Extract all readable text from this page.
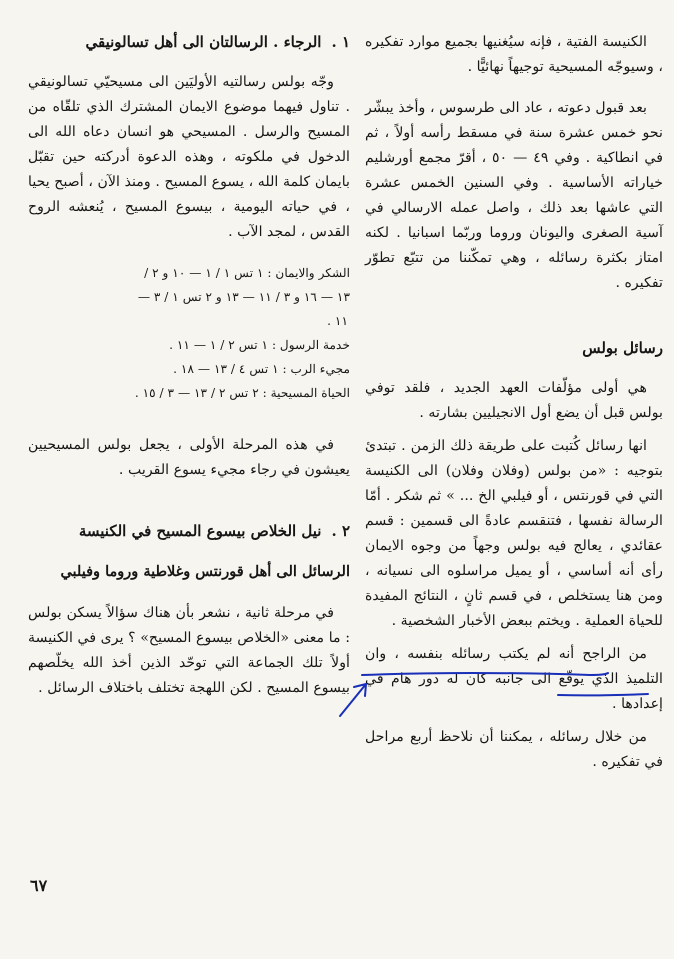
الكنيسة الفتية ، فإنه سيُغنيها بجميع موارد تفكيره ، وسيوجّه المسيحية توجيهاً نهائيًّا .

بعد قبول دعوته ، عاد الى طرسوس ، وأخذ يبشّر نحو خمس عشرة سنة في مسقط رأسه أولاً ، ثم في انطاكية . وفي ٤٩ — ٥٠ ، أقرّ مجمع أورشليم خياراته الأساسية . وفي السنين الخمس عشرة التي عاشها بعد ذلك ، واصل عمله الارسالي في آسية الصغرى واليونان وروما وربّما اسبانيا . لكنه امتاز بكثرة رسائله ، وهي تمكّننا من تتبّع تطوّر تفكيره .

رسائل بولس

هي أولى مؤلّفات العهد الجديد ، فلقد توفي بولس قبل أن يضع أول الانجيليين بشارته .

انها رسائل كُتبت على طريقة ذلك الزمن . تبتدئ بتوجيه : «من بولس (وفلان وفلان) الى الكنيسة التي في قورنتس ، أو فيلبي الخ ... » ثم شكر . أمّا الرسالة نفسها ، فتنقسم عادةً الى قسمين : قسم عقائدي ، يعالج فيه بولس وجهاً من وجوه الايمان رأى أنه أساسي ، أو يميل مراسلوه الى نسيانه ، ومن هنا يستخلص ، في قسم ثانٍ ، النتائج المفيدة للحياة العملية . ويختم ببعض الأخبار الشخصية .

من الراجح أنه لم يكتب رسائله بنفسه ، وان التلميذ الذي يوقّع الى جانبه كان له دور هام في إعدادها .

من خلال رسائله ، يمكننا أن نلاحظ أربع مراحل في تفكيره .

١ .الرجاء . الرسالتان الى أهل تسالونيقي

وجّه بولس رسالتيه الأوليَين الى مسيحيّي تسالونيقي . تناول فيهما موضوع الايمان المشترك الذي تلقّاه من المسيح والرسل . المسيحي هو انسان دعاه الله الى الدخول في ملكوته ، وهذه الدعوة أدركته حين تقبّل بايمان كلمة الله ، يسوع المسيح . ومنذ الآن ، أصبح يحيا ، في حياته اليومية ، بيسوع المسيح ، يُنعشه الروح القدس ، لمجد الآب .

الشكر والايمان : ١ تس ١ / ١ — ١٠ و ٢ /

١٣ — ١٦ و ٣ / ١١ — ١٣ و ٢ تس ١ / ٣ —

١١ .

خدمة الرسول : ١ تس ٢ / ١ — ١١ .

مجيء الرب : ١ تس ٤ / ١٣ — ١٨ .

الحياة المسيحية : ٢ تس ٢ / ١٣ — ٣ / ١٥ .

في هذه المرحلة الأولى ، يجعل بولس المسيحيين يعيشون في رجاء مجيء يسوع القريب .

٢ .نيل الخلاص بيسوع المسيح في الكنيسة
الرسائل الى أهل قورنتس وغلاطية وروما وفيلبي

في مرحلة ثانية ، نشعر بأن هناك سؤالاً يسكن بولس : ما معنى «الخلاص بيسوع المسيح» ؟ يرى في الكنيسة أولاً تلك الجماعة التي توحّد الذين أخذ الله يخلّصهم بيسوع المسيح . لكن اللهجة تختلف باختلاف الرسائل .

٦٧
